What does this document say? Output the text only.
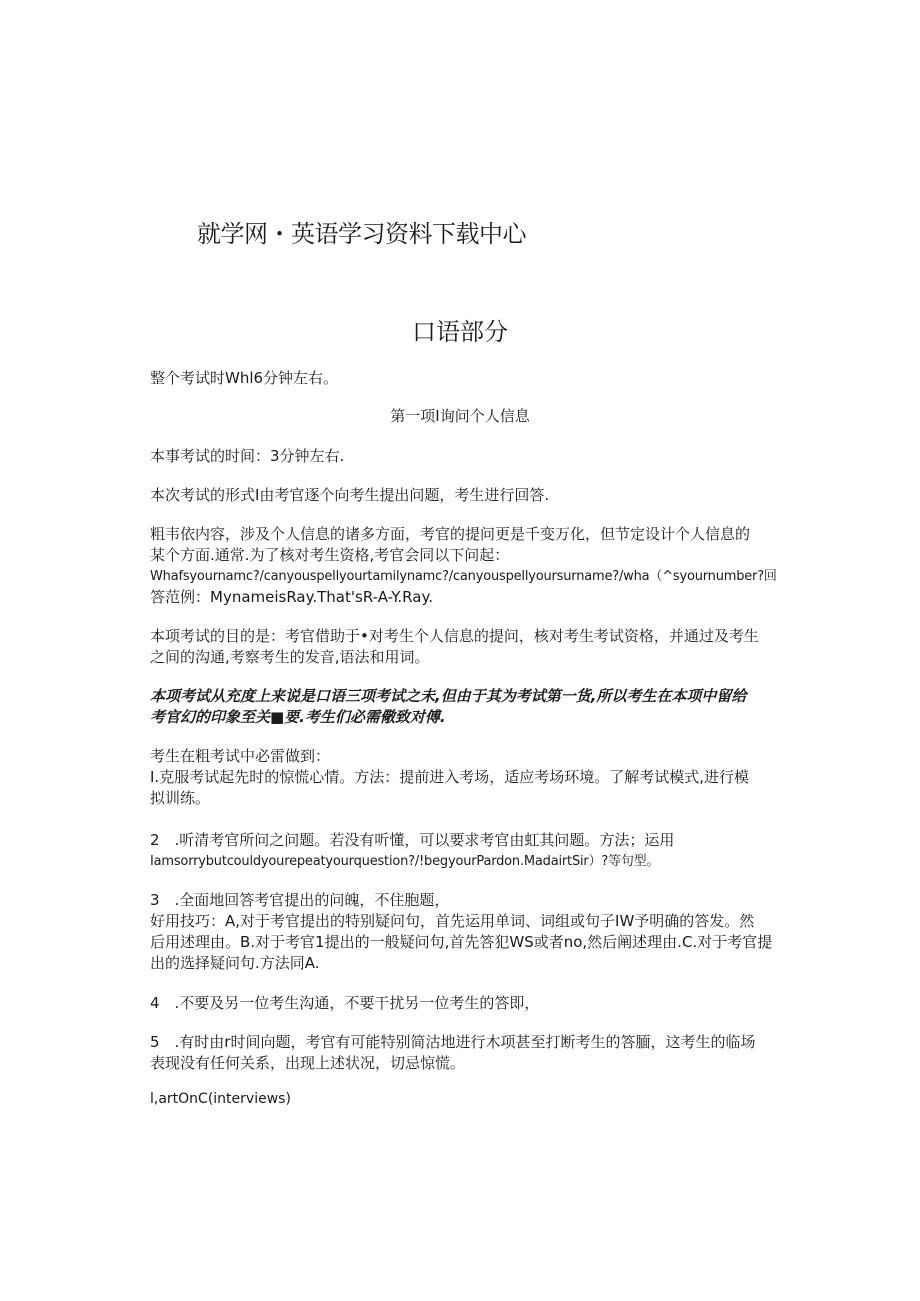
就学网・英语学习资料下载中心
口语部分

整个考试时Whl6分钟左右。

第一项I询问个人信息

本事考试的时间：3分钟左右.

本次考试的形式I由考官逐个向考生提出问题，考生进行回答.

粗韦依内容，涉及个人信息的诸多方面，考官的提问更是千变万化，但节定设计个人信息的
某个方面.通常.为了核对考生资格,考官会同以下问起：
Whafsyournamc?/canyouspellyourtamilynamc?/canyouspellyoursurname?/wha（^syournumber?回
答范例：MynameisRay.That'sR-A-Y.Ray.
本项考试的目的是：考官借助于•对考生个人信息的提问，核对考生考试资格，并通过及考生
之间的沟通,考察考生的发音,语法和用词。
本项考试从充度上来说是口语三项考试之未,但由于其为考试第一货,所以考生在本项中留给
考官幻的印象至关■要.考生们必需儆致对傅.
考生在粗考试中必雷做到：
I.克服考试起先时的惊慌心情。方法：提前进入考场，适应考场环境。了解考试模式,进行模
拟训练。
2　.听清考官所问之问题。若没有听懂，可以要求考官由虹其问题。方法；运用
Iamsorrybutcouldyourepeatyourquestion?/!begyourPardon.MadairtSir）?等句型。
3　.全面地回答考官提出的问魄，不住胞题，
好用技巧：A,对于考官提出的特别疑问句，首先运用单词、词组或句子IW予明确的答发。然
后用述理由。B.对于考官1提出的一般疑问句,首先答犯WS或者no,然后阐述理由.C.对于考官提
出的选择疑问句.方法同A.

4　.不要及另一位考生沟通，不要干扰另一位考生的答即，

5　.有时由r时间向题，考官有可能特别简沽地进行木项甚至打断考生的答腼，这考生的临场
表现没有任何关系，出现上述状况，切忌惊慌。

l,artOnC(interviews)
